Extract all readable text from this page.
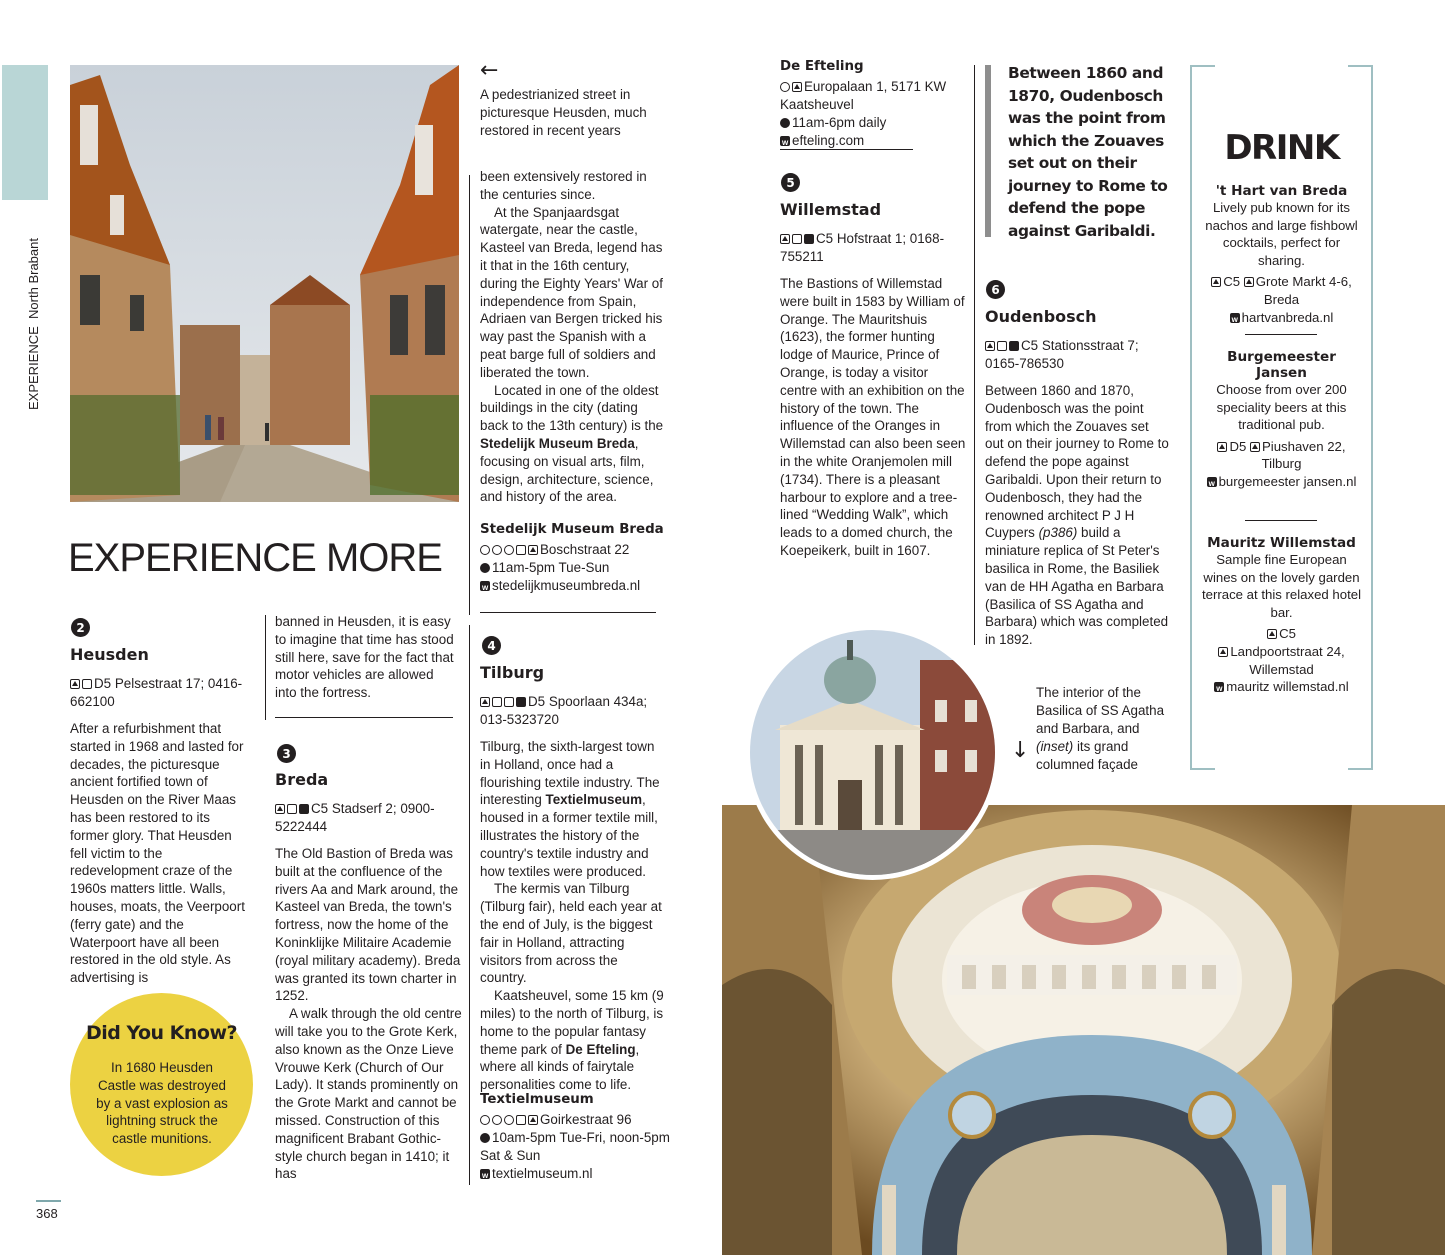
EXPERIENCE  North Brabant
←
A pedestrianized street in picturesque Heusden, much restored in recent years
EXPERIENCE MORE
2
Heusden
D5 Pelsestraat 17; 0416-662100
After a refurbishment that started in 1968 and lasted for decades, the picturesque ancient fortified town of Heusden on the River Maas has been restored to its former glory. That Heusden fell victim to the redevelopment craze of the 1960s matters little. Walls, houses, moats, the Veerpoort (ferry gate) and the Waterpoort have all been restored in the old style. As advertising is
banned in Heusden, it is easy to imagine that time has stood still here, save for the fact that motor vehicles are allowed into the fortress.
Did You Know?
In 1680 Heusden Castle was destroyed by a vast explosion as lightning struck the castle munitions.
3
Breda
C5 Stadserf 2; 0900-5222444

The Old Bastion of Breda was built at the confluence of the rivers Aa and Mark around, the Kasteel van Breda, the town's fortress, now the home of the Koninklijke Militaire Academie (royal military academy). Breda was granted its town charter in 1252.

A walk through the old centre will take you to the Grote Kerk, also known as the Onze Lieve Vrouwe Kerk (Church of Our Lady). It stands prominently on the Grote Markt and cannot be missed. Construction of this magnificent Brabant Gothic-style church began in 1410; it has

been extensively restored in the centuries since.

At the Spanjaardsgat watergate, near the castle, Kasteel van Breda, legend has it that in the 16th century, during the Eighty Years' War of independence from Spain, Adriaen van Bergen tricked his way past the Spanish with a peat barge full of soldiers and liberated the town.

Located in one of the oldest buildings in the city (dating back to the 13th century) is the Stedelijk Museum Breda, focusing on visual arts, film, design, architecture, science, and history of the area.

Stedelijk Museum Breda
Boschstraat 22
11am-5pm Tue-Sun
wstedelijkmuseumbreda.nl
4
Tilburg
D5 Spoorlaan 434a; 013-5323720

Tilburg, the sixth-largest town in Holland, once had a flourishing textile industry. The interesting Textielmuseum, housed in a former textile mill, illustrates the history of the country's textile industry and how textiles were produced.

The kermis van Tilburg (Tilburg fair), held each year at the end of July, is the biggest fair in Holland, attracting visitors from across the country.

Kaatsheuvel, some 15 km (9 miles) to the north of Tilburg, is home to the popular fantasy theme park of De Efteling, where all kinds of fairytale personalities come to life.

Textielmuseum
Goirkestraat 96
10am-5pm Tue-Fri, noon-5pm Sat & Sun
wtextielmuseum.nl
De Efteling
Europalaan 1, 5171 KW Kaatsheuvel
11am-6pm daily
wefteling.com
5
Willemstad
C5 Hofstraat 1; 0168-755211
The Bastions of Willemstad were built in 1583 by William of Orange. The Mauritshuis (1623), the former hunting lodge of Maurice, Prince of Orange, is today a visitor centre with an exhibition on the history of the town. The influence of the Oranges in Willemstad can also been seen in the white Oranjemolen mill (1734). There is a pleasant harbour to explore and a tree-lined “Wedding Walk”, which leads to a domed church, the Koepeikerk, built in 1607.
Between 1860 and 1870, Oudenbosch was the point from which the Zouaves set out on their journey to Rome to defend the pope against Garibaldi.
6
Oudenbosch
C5 Stationsstraat 7; 0165-786530
Between 1860 and 1870, Oudenbosch was the point from which the Zouaves set out on their journey to Rome to defend the pope against Garibaldi. Upon their return to Oudenbosch, they had the renowned architect P J H Cuypers (p386) build a miniature replica of St Peter's basilica in Rome, the Basiliek van de HH Agatha en Barbara (Basilica of SS Agatha and Barbara) which was completed in 1892.
DRINK
't Hart van Breda
Lively pub known for its nachos and large fishbowl cocktails, perfect for sharing.
C5 Grote Markt 4-6, Breda
whartvanbreda.nl
Burgemeester Jansen
Choose from over 200 speciality beers at this traditional pub.
D5 Piushaven 22, Tilburg
wburgemeester jansen.nl
Mauritz Willemstad
Sample fine European wines on the lovely garden terrace at this relaxed hotel bar.
C5
Landpoortstraat 24, Willemstad
wmauritz willemstad.nl
The interior of the Basilica of SS Agatha and Barbara, and (inset) its grand columned façade
↓
368
